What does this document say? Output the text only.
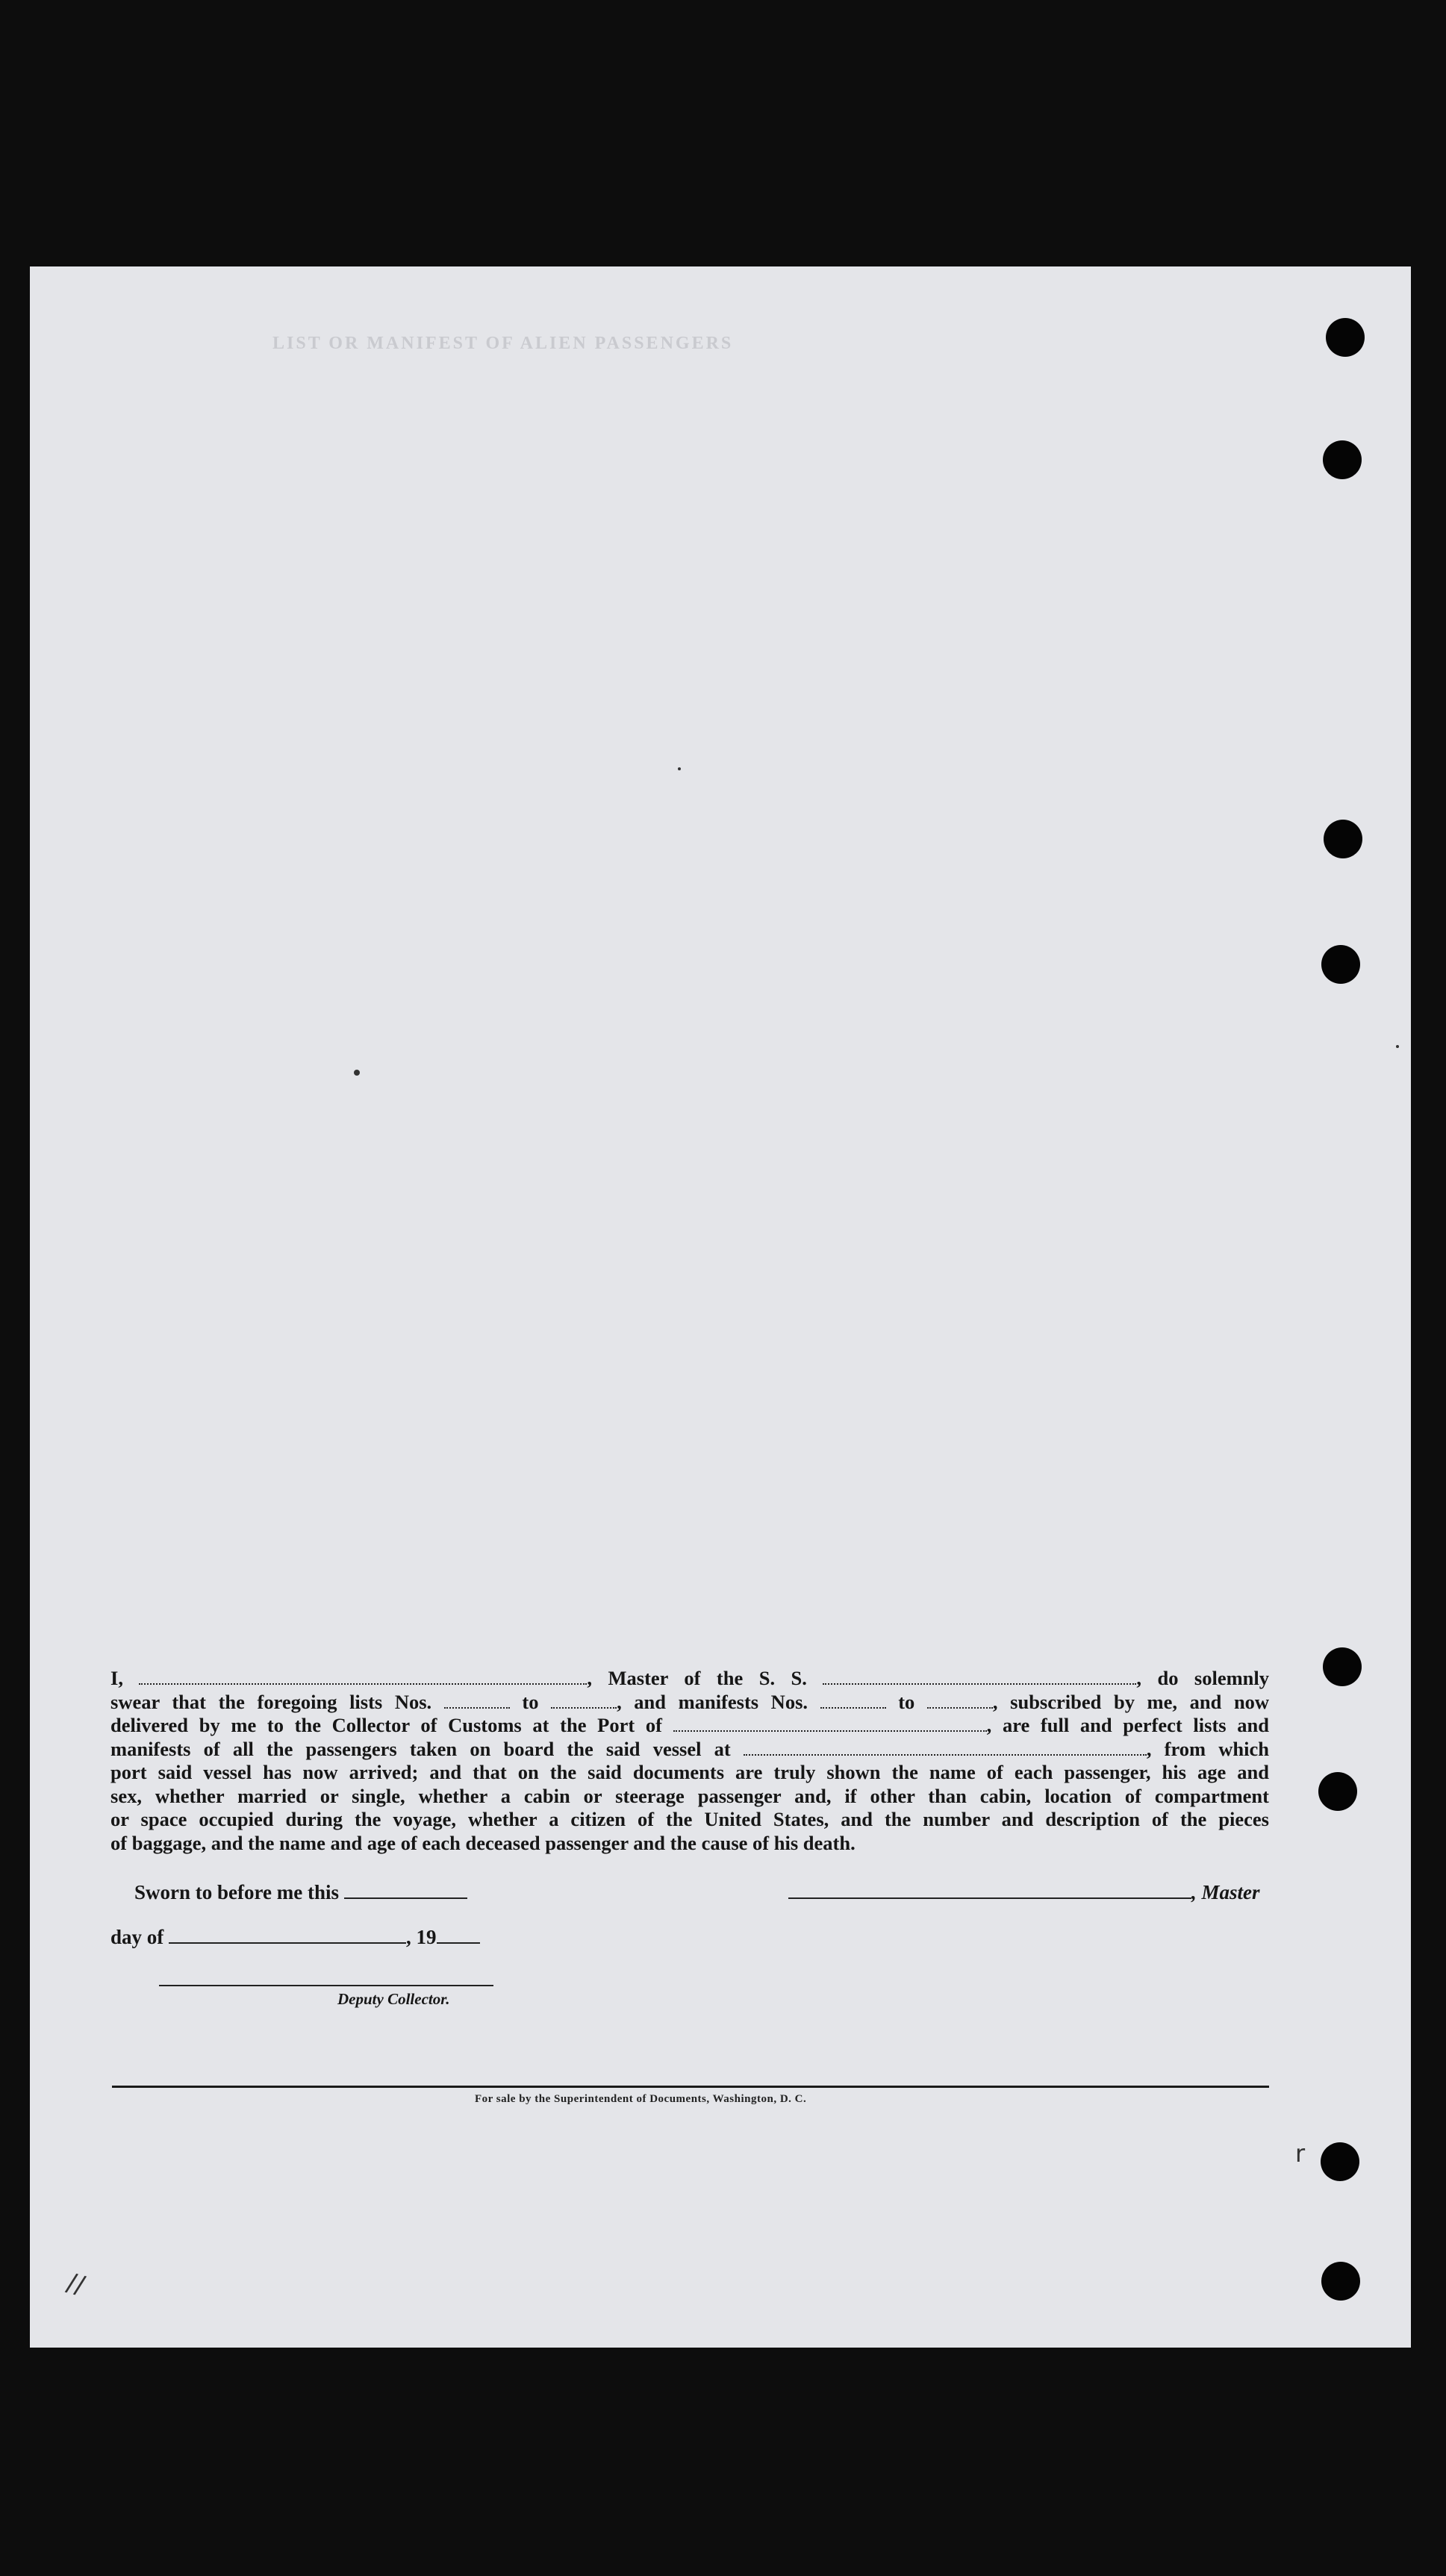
LIST OR MANIFEST OF ALIEN PASSENGERS
//
r
I,	, Master of the S. S.	, do solemnly
swear that the foregoing lists Nos.	to	, and manifests Nos.	to	, subscribed by me, and now
delivered by me to the Collector of Customs at the Port of	, are full and perfect lists and
manifests of all the passengers taken on board the said vessel at	, from which
port said vessel has now arrived; and that on the said documents are truly shown the name of each passenger, his age and
sex, whether married or single, whether a cabin or steerage passenger and, if other than cabin, location of compartment
or space occupied during the voyage, whether a citizen of the United States, and the number and description of the pieces
of baggage, and the name and age of each deceased passenger and the cause of his death.
Sworn to before me this	, Master
day of	, 19
Deputy Collector.
For sale by the Superintendent of Documents, Washington, D. C.
